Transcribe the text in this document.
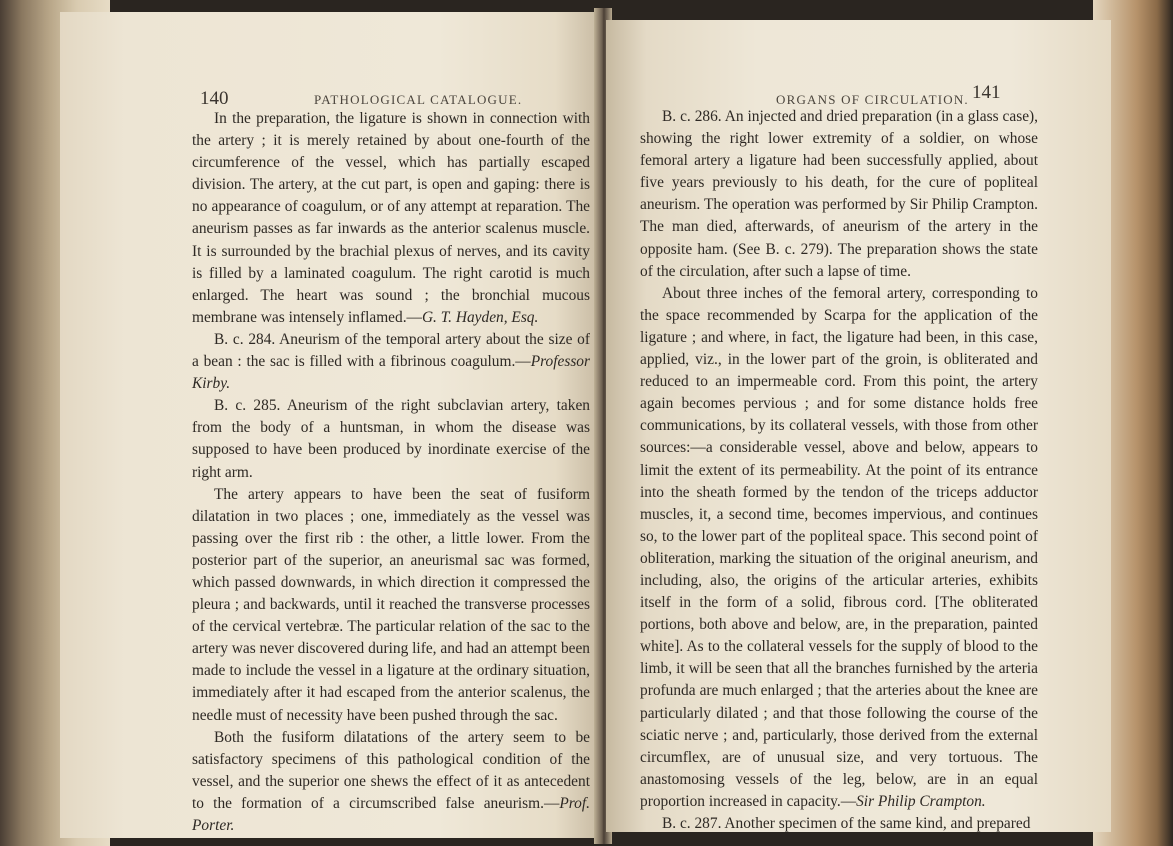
140	PATHOLOGICAL CATALOGUE.

In the preparation, the ligature is shown in connection with the artery ; it is merely retained by about one-fourth of the circumference of the vessel, which has partially escaped division. The artery, at the cut part, is open and gaping: there is no appearance of coagulum, or of any attempt at reparation. The aneurism passes as far inwards as the anterior scalenus muscle. It is surrounded by the brachial plexus of nerves, and its cavity is filled by a laminated coagulum. The right carotid is much enlarged. The heart was sound ; the bronchial mucous membrane was intensely inflamed.—G. T. Hayden, Esq.

B. c. 284. Aneurism of the temporal artery about the size of a bean : the sac is filled with a fibrinous coagulum.—Professor Kirby.

B. c. 285. Aneurism of the right subclavian artery, taken from the body of a huntsman, in whom the disease was supposed to have been produced by inordinate exercise of the right arm.

The artery appears to have been the seat of fusiform dilatation in two places ; one, immediately as the vessel was passing over the first rib : the other, a little lower. From the posterior part of the superior, an aneurismal sac was formed, which passed downwards, in which direction it compressed the pleura ; and backwards, until it reached the transverse processes of the cervical vertebræ. The particular relation of the sac to the artery was never discovered during life, and had an attempt been made to include the vessel in a ligature at the ordinary situation, immediately after it had escaped from the anterior scalenus, the needle must of necessity have been pushed through the sac.

Both the fusiform dilatations of the artery seem to be satisfactory specimens of this pathological condition of the vessel, and the superior one shews the effect of it as antecedent to the formation of a circumscribed false aneurism.—Prof. Porter.

ORGANS OF CIRCULATION. 141

B. c. 286. An injected and dried preparation (in a glass case), showing the right lower extremity of a soldier, on whose femoral artery a ligature had been successfully applied, about five years previously to his death, for the cure of popliteal aneurism. The operation was performed by Sir Philip Crampton. The man died, afterwards, of aneurism of the artery in the opposite ham. (See B. c. 279). The preparation shows the state of the circulation, after such a lapse of time.

About three inches of the femoral artery, corresponding to the space recommended by Scarpa for the application of the ligature ; and where, in fact, the ligature had been, in this case, applied, viz., in the lower part of the groin, is obliterated and reduced to an impermeable cord. From this point, the artery again becomes pervious ; and for some distance holds free communications, by its collateral vessels, with those from other sources:—a considerable vessel, above and below, appears to limit the extent of its permeability. At the point of its entrance into the sheath formed by the tendon of the triceps adductor muscles, it, a second time, becomes impervious, and continues so, to the lower part of the popliteal space. This second point of obliteration, marking the situation of the original aneurism, and including, also, the origins of the articular arteries, exhibits itself in the form of a solid, fibrous cord. [The obliterated portions, both above and below, are, in the preparation, painted white]. As to the collateral vessels for the supply of blood to the limb, it will be seen that all the branches furnished by the arteria profunda are much enlarged ; that the arteries about the knee are particularly dilated ; and that those following the course of the sciatic nerve ; and, particularly, those derived from the external circumflex, are of unusual size, and very tortuous. The anastomosing vessels of the leg, below, are in an equal proportion increased in capacity.—Sir Philip Crampton.

B. c. 287. Another specimen of the same kind, and prepared
